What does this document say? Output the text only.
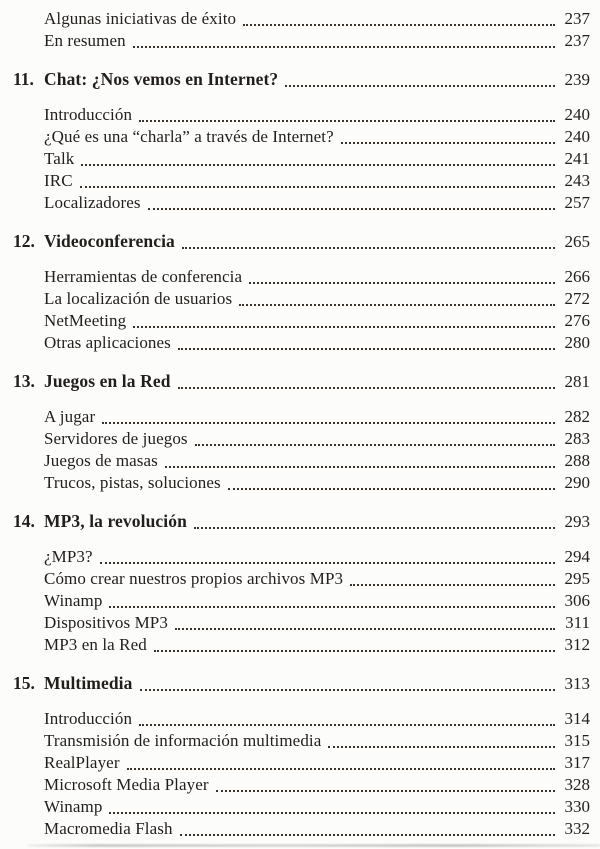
Algunas iniciativas de éxito	237
En resumen	237
11. Chat: ¿Nos vemos en Internet?	239
Introducción	240
¿Qué es una “charla” a través de Internet?	240
Talk	241
IRC	243
Localizadores	257
12. Videoconferencia	265
Herramientas de conferencia	266
La localización de usuarios	272
NetMeeting	276
Otras aplicaciones	280
13. Juegos en la Red	281
A jugar	282
Servidores de juegos	283
Juegos de masas	288
Trucos, pistas, soluciones	290
14. MP3, la revolución	293
¿MP3?	294
Cómo crear nuestros propios archivos MP3	295
Winamp	306
Dispositivos MP3	311
MP3 en la Red	312
15. Multimedia	313
Introducción	314
Transmisión de información multimedia	315
RealPlayer	317
Microsoft Media Player	328
Winamp	330
Macromedia Flash	332
